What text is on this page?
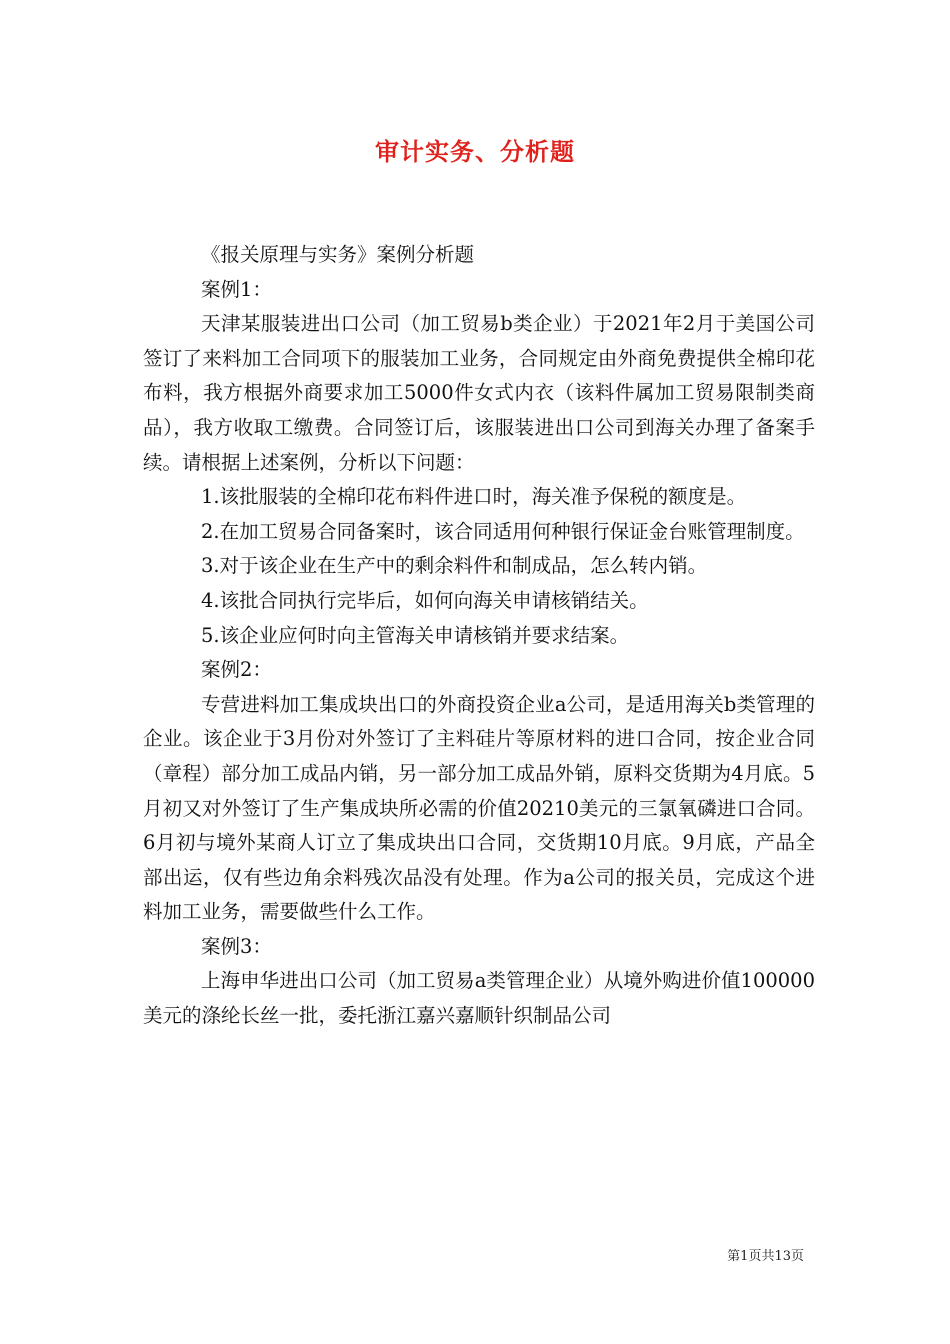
审计实务、分析题

《报关原理与实务》案例分析题

案例1：

天津某服装进出口公司（加工贸易b类企业）于2021年2月于美国公司签订了来料加工合同项下的服装加工业务，合同规定由外商免费提供全棉印花布料，我方根据外商要求加工5000件女式内衣（该料件属加工贸易限制类商品），我方收取工缴费。合同签订后，该服装进出口公司到海关办理了备案手续。请根据上述案例，分析以下问题：

1.该批服装的全棉印花布料件进口时，海关准予保税的额度是。

2.在加工贸易合同备案时，该合同适用何种银行保证金台账管理制度。

3.对于该企业在生产中的剩余料件和制成品，怎么转内销。

4.该批合同执行完毕后，如何向海关申请核销结关。

5.该企业应何时向主管海关申请核销并要求结案。

案例2：

专营进料加工集成块出口的外商投资企业a公司，是适用海关b类管理的企业。该企业于3月份对外签订了主料硅片等原材料的进口合同，按企业合同（章程）部分加工成品内销，另一部分加工成品外销，原料交货期为4月底。5月初又对外签订了生产集成块所必需的价值20210美元的三氯氧磷进口合同。6月初与境外某商人订立了集成块出口合同，交货期10月底。9月底，产品全部出运，仅有些边角余料残次品没有处理。作为a公司的报关员，完成这个进料加工业务，需要做些什么工作。

案例3：

上海申华进出口公司（加工贸易a类管理企业）从境外购进价值100000美元的涤纶长丝一批，委托浙江嘉兴嘉顺针织制品公司

第1页共13页
